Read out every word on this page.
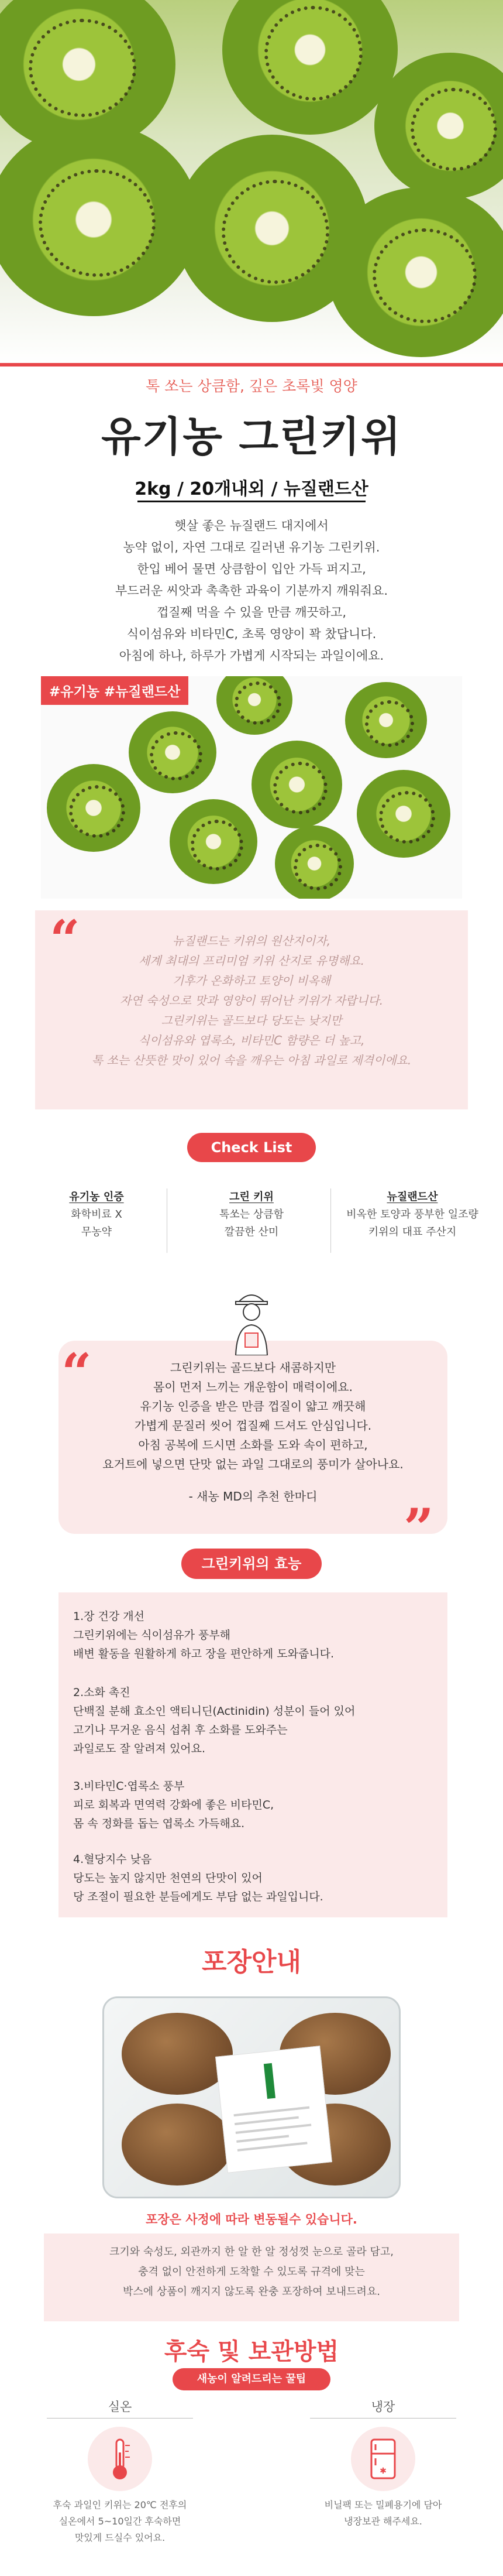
톡 쏘는 상큼함, 깊은 초록빛 영양
유기농 그린키위
2kg / 20개내외 / 뉴질랜드산
햇살 좋은 뉴질랜드 대지에서
농약 없이, 자연 그대로 길러낸 유기농 그린키위.
한입 베어 물면 상큼함이 입안 가득 퍼지고,
부드러운 씨앗과 촉촉한 과육이 기분까지 깨워줘요.
껍질째 먹을 수 있을 만큼 깨끗하고,
식이섬유와 비타민C, 초록 영양이 꽉 찼답니다.
아침에 하나, 하루가 가볍게 시작되는 과일이에요.
#유기농 #뉴질랜드산
“	뉴질랜드는 키위의 원산지이자,
세계 최대의 프리미엄 키위 산지로 유명해요.
기후가 온화하고 토양이 비옥해
자연 숙성으로 맛과 영양이 뛰어난 키위가 자랍니다.
그린키위는 골드보다 당도는 낮지만
식이섬유와 엽록소, 비타민C 함량은 더 높고,
톡 쏘는 산뜻한 맛이 있어 속을 깨우는 아침 과일로 제격이에요.
Check List
유기농 인증
화학비료 X
무농약
그린 키위
톡쏘는 상큼함
깔끔한 산미
뉴질랜드산
비옥한 토양과 풍부한 일조량
키위의 대표 주산지
“	그린키위는 골드보다 새콤하지만
몸이 먼저 느끼는 개운함이 매력이에요.
유기농 인증을 받은 만큼 껍질이 얇고 깨끗해
가볍게 문질러 씻어 껍질째 드셔도 안심입니다.
아침 공복에 드시면 소화를 도와 속이 편하고,
요거트에 넣으면 단맛 없는 과일 그대로의 풍미가 살아나요.
- 새농 MD의 추천 한마디
”
그린키위의 효능
1.장 건강 개선
그린키위에는 식이섬유가 풍부해
배변 활동을 원활하게 하고 장을 편안하게 도와줍니다.
2.소화 촉진
단백질 분해 효소인 액티니딘(Actinidin) 성분이 들어 있어
고기나 무거운 음식 섭취 후 소화를 도와주는
과일로도 잘 알려져 있어요.
3.비타민C·엽록소 풍부
피로 회복과 면역력 강화에 좋은 비타민C,
몸 속 정화를 돕는 엽록소 가득해요.
4.혈당지수 낮음
당도는 높지 않지만 천연의 단맛이 있어
당 조절이 필요한 분들에게도 부담 없는 과일입니다.
포장안내
포장은 사정에 따라 변동될수 있습니다.
크기와 숙성도, 외관까지 한 알 한 알 정성껏 눈으로 골라 담고,
충격 없이 안전하게 도착할 수 있도록 규격에 맞는
박스에 상품이 깨지지 않도록 완충 포장하여 보내드려요.
후숙 및 보관방법
새농이 알려드리는 꿀팁
실온
후숙 과일인 키위는 20℃ 전후의
실온에서 5~10일간 후숙하면
맛있게 드실수 있어요.
냉장
✱
비닐팩 또는 밀폐용기에 담아
냉장보관 해주세요.
